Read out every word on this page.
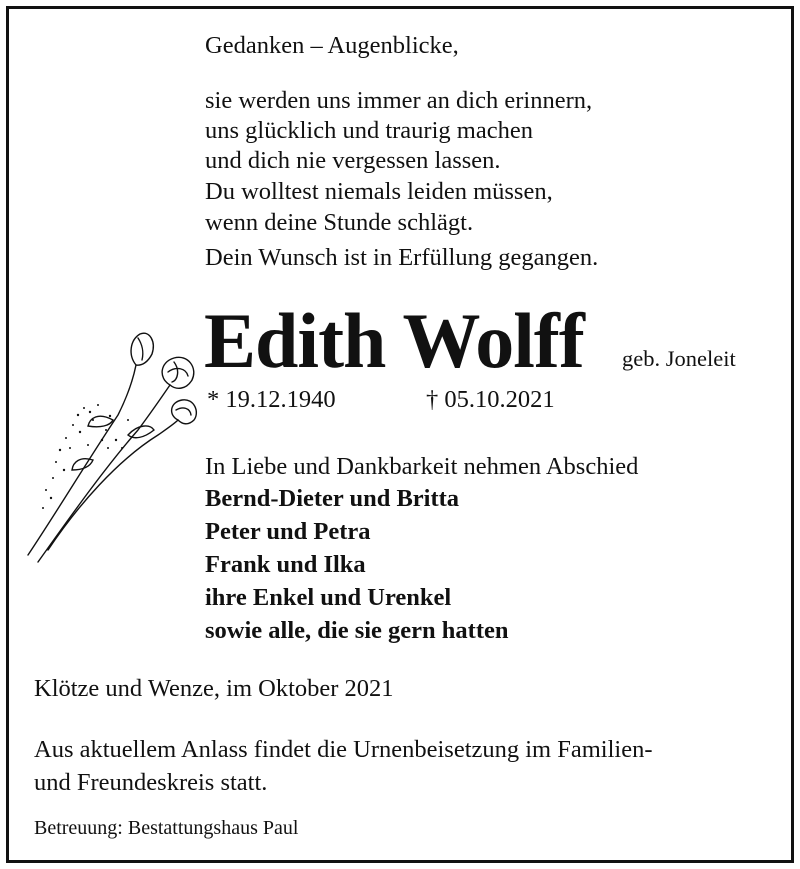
Gedanken – Augenblicke,
sie werden uns immer an dich erinnern,
uns glücklich und traurig machen
und dich nie vergessen lassen.
Du wolltest niemals leiden müssen,
wenn deine Stunde schlägt.
Dein Wunsch ist in Erfüllung gegangen.
Edith Wolff geb. Joneleit
* 19.12.1940	† 05.10.2021
In Liebe und Dankbarkeit nehmen Abschied
Bernd-Dieter und Britta
Peter und Petra
Frank und Ilka
ihre Enkel und Urenkel
sowie alle, die sie gern hatten
Klötze und Wenze, im Oktober 2021
Aus aktuellem Anlass findet die Urnenbeisetzung im Familien-
und Freundeskreis statt.
Betreuung: Bestattungshaus Paul
